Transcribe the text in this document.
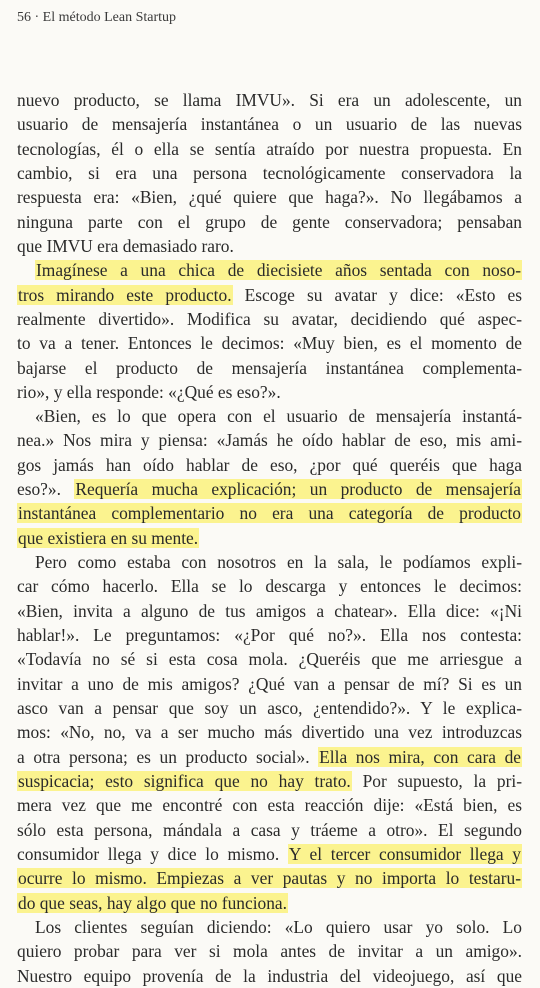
56 · El método Lean Startup
nuevo producto, se llama IMVU». Si era un adolescente, un
usuario de mensajería instantánea o un usuario de las nuevas
tecnologías, él o ella se sentía atraído por nuestra propuesta. En
cambio, si era una persona tecnológicamente conservadora la
respuesta era: «Bien, ¿qué quiere que haga?». No llegábamos a
ninguna parte con el grupo de gente conservadora; pensaban
que IMVU era demasiado raro.
Imagínese a una chica de diecisiete años sentada con noso-
tros mirando este producto. Escoge su avatar y dice: «Esto es
realmente divertido». Modifica su avatar, decidiendo qué aspec-
to va a tener. Entonces le decimos: «Muy bien, es el momento de
bajarse el producto de mensajería instantánea complementa-
rio», y ella responde: «¿Qué es eso?».
«Bien, es lo que opera con el usuario de mensajería instantá-
nea.» Nos mira y piensa: «Jamás he oído hablar de eso, mis ami-
gos jamás han oído hablar de eso, ¿por qué queréis que haga
eso?». Requería mucha explicación; un producto de mensajería
instantánea complementario no era una categoría de producto
que existiera en su mente.
Pero como estaba con nosotros en la sala, le podíamos expli-
car cómo hacerlo. Ella se lo descarga y entonces le decimos:
«Bien, invita a alguno de tus amigos a chatear». Ella dice: «¡Ni
hablar!». Le preguntamos: «¿Por qué no?». Ella nos contesta:
«Todavía no sé si esta cosa mola. ¿Queréis que me arriesgue a
invitar a uno de mis amigos? ¿Qué van a pensar de mí? Si es un
asco van a pensar que soy un asco, ¿entendido?». Y le explica-
mos: «No, no, va a ser mucho más divertido una vez introduzcas
a otra persona; es un producto social». Ella nos mira, con cara de
suspicacia; esto significa que no hay trato. Por supuesto, la pri-
mera vez que me encontré con esta reacción dije: «Está bien, es
sólo esta persona, mándala a casa y tráeme a otro». El segundo
consumidor llega y dice lo mismo. Y el tercer consumidor llega y
ocurre lo mismo. Empiezas a ver pautas y no importa lo testaru-
do que seas, hay algo que no funciona.
Los clientes seguían diciendo: «Lo quiero usar yo solo. Lo
quiero probar para ver si mola antes de invitar a un amigo».
Nuestro equipo provenía de la industria del videojuego, así que
